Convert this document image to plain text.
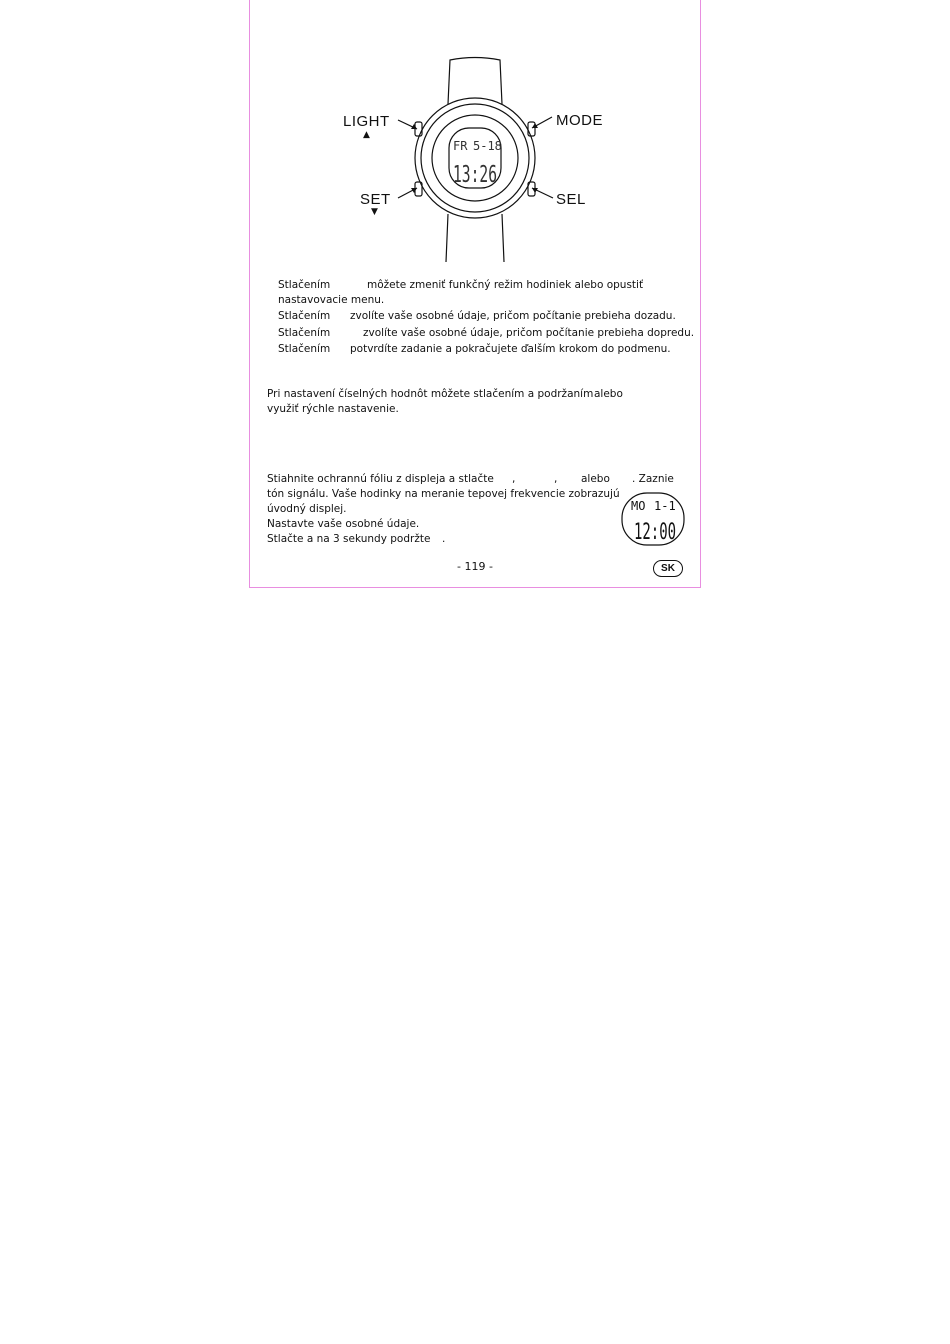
FR 5-18
13:26
LIGHT
▲
MODE
SET
▼
SEL
Stlačením	môžete zmeniť funkčný režim hodiniek alebo opustiť
nastavovacie menu.
Stlačením zvolíte vaše osobné údaje, pričom počítanie prebieha dozadu.
Stlačením	zvolíte vaše osobné údaje, pričom počítanie prebieha dopredu.
Stlačením potvrdíte zadanie a pokračujete ďalším krokom do podmenu.
Pri nastavení číselných hodnôt môžete stlačením a podržaním alebo
využiť rýchle nastavenie.
Stiahnite ochrannú fóliu z displeja a stlačte ,	, alebo . Zaznie
tón signálu. Vaše hodinky na meranie tepovej frekvencie zobrazujú
úvodný displej.
Nastavte vaše osobné údaje.
Stlačte a na 3 sekundy podržte .
MO 1-1
12:00
- 119 -	SK
